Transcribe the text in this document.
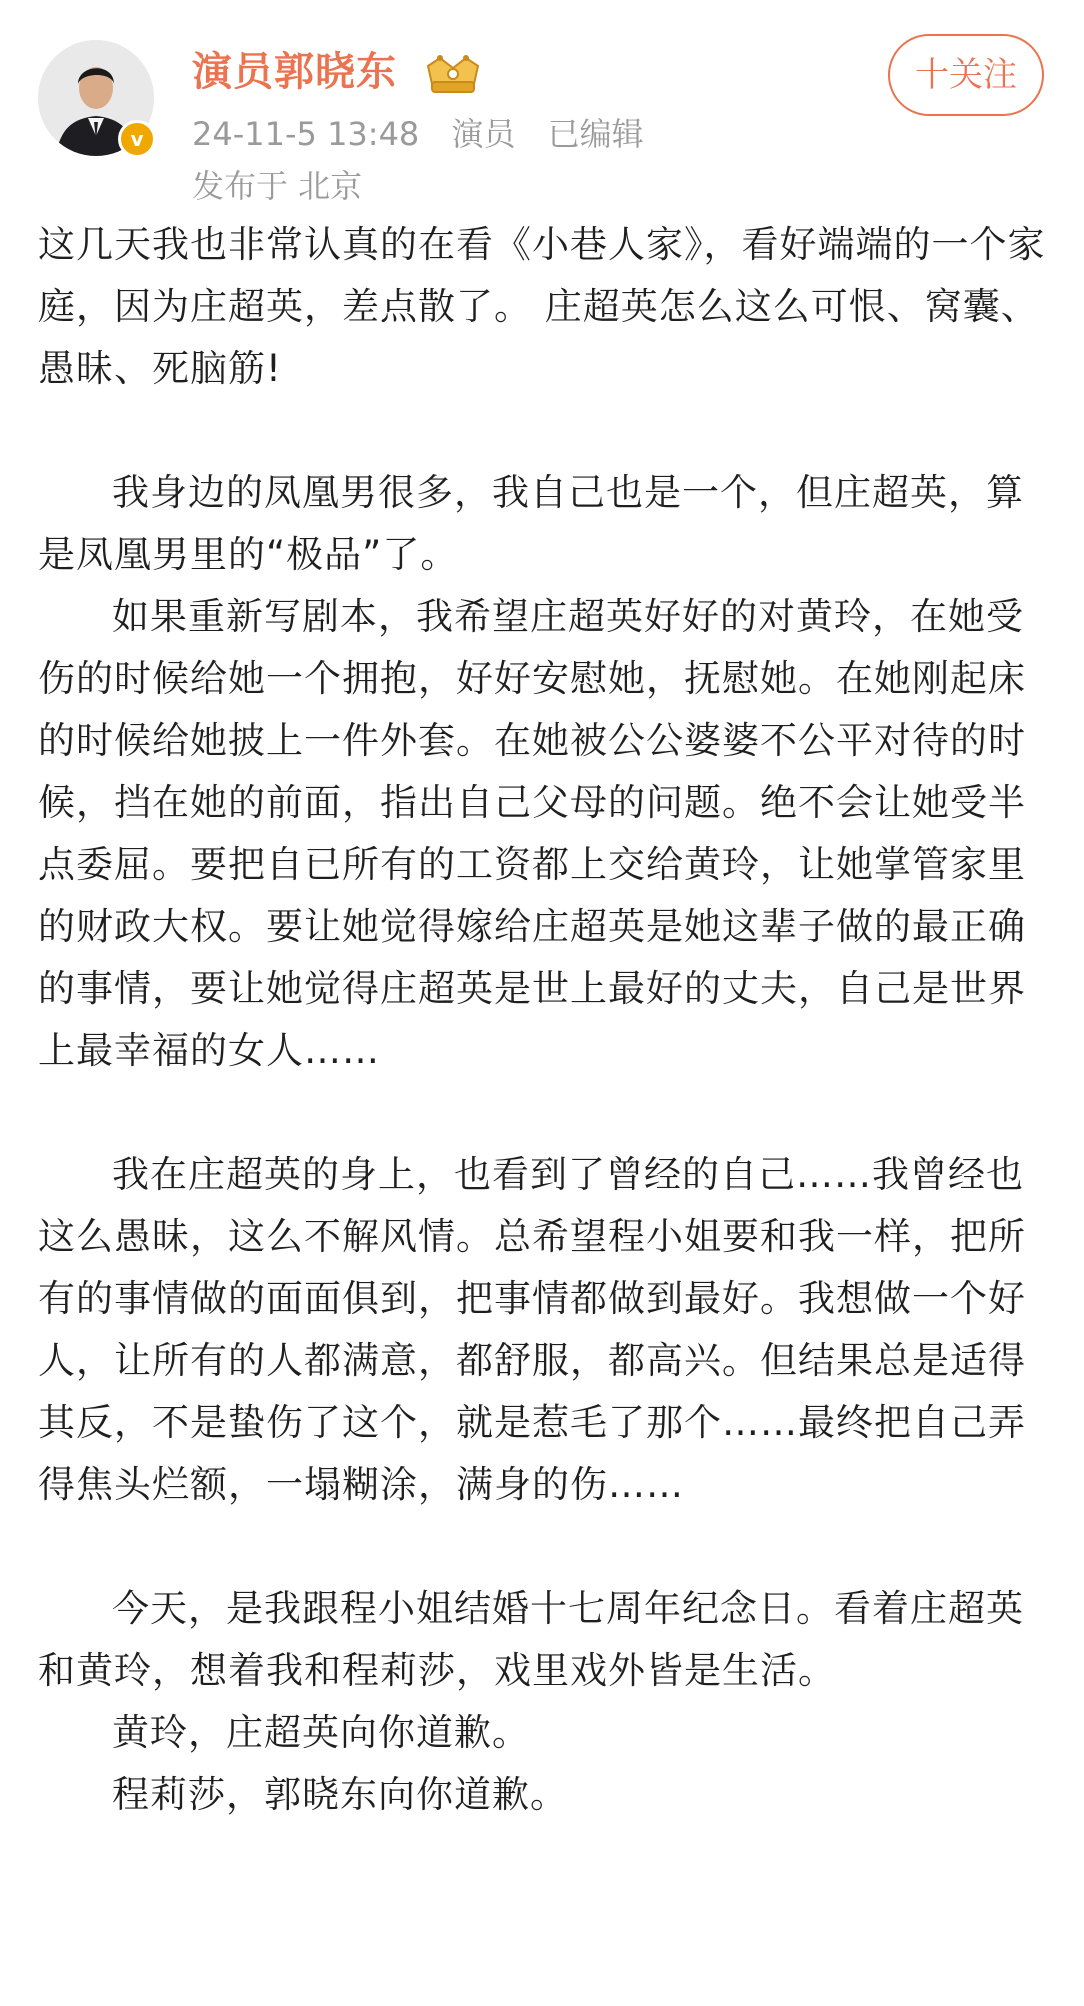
v
演员郭晓东
24-11-5 13:48 演员 已编辑
发布于 北京
十关注

这几天我也非常认真的在看《小巷人家》，看好端端的一个家庭，因为庄超英，差点散了。 庄超英怎么这么可恨、窝囊、愚昧、死脑筋!

我身边的凤凰男很多，我自己也是一个，但庄超英，算是凤凰男里的“极品”了。

如果重新写剧本，我希望庄超英好好的对黄玲，在她受伤的时候给她一个拥抱，好好安慰她，抚慰她。在她刚起床的时候给她披上一件外套。在她被公公婆婆不公平对待的时候，挡在她的前面，指出自己父母的问题。绝不会让她受半点委屈。要把自已所有的工资都上交给黄玲，让她掌管家里的财政大权。要让她觉得嫁给庄超英是她这辈子做的最正确的事情，要让她觉得庄超英是世上最好的丈夫，自己是世界上最幸福的女人……

我在庄超英的身上，也看到了曾经的自己……我曾经也这么愚昧，这么不解风情。总希望程小姐要和我一样，把所有的事情做的面面俱到，把事情都做到最好。我想做一个好人，让所有的人都满意，都舒服，都高兴。但结果总是适得其反，不是蛰伤了这个，就是惹毛了那个……最终把自己弄得焦头烂额，一塌糊涂，满身的伤……

今天，是我跟程小姐结婚十七周年纪念日。看着庄超英和黄玲，想着我和程莉莎，戏里戏外皆是生活。

黄玲，庄超英向你道歉。

程莉莎，郭晓东向你道歉。
